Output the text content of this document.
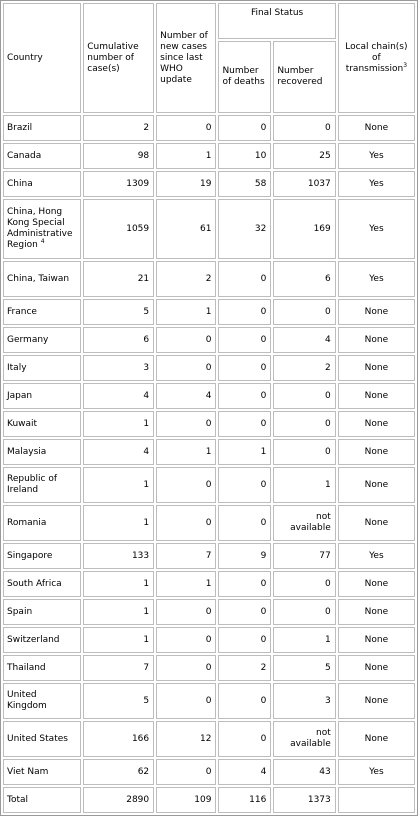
Country	Cumulative number of case(s)	Number of new cases since last WHO update	Final Status		Local chain(s) of transmission$^3$
			Number of deaths	Number recovered	
Brazil	2	0	0	0	None
Canada	98	1	10	25	Yes
China	1309	19	58	1037	Yes
China, Hong Kong Special Administrative Region $^4$	1059	61	32	169	Yes
China, Taiwan	21	2	0	6	Yes
France	5	1	0	0	None
Germany	6	0	0	4	None
Italy	3	0	0	2	None
Japan	4	4	0	0	None
Kuwait	1	0	0	0	None
Malaysia	4	1	1	0	None
Republic of Ireland	1	0	0	1	None
Romania	1	0	0	not available	None
Singapore	133	7	9	77	Yes
South Africa	1	1	0	0	None
Spain	1	0	0	0	None
Switzerland	1	0	0	1	None
Thailand	7	0	2	5	None
United Kingdom	5	0	0	3	None
United States	166	12	0	not available	None
Viet Nam	62	0	4	43	Yes
Total	2890	109	116	1373	
